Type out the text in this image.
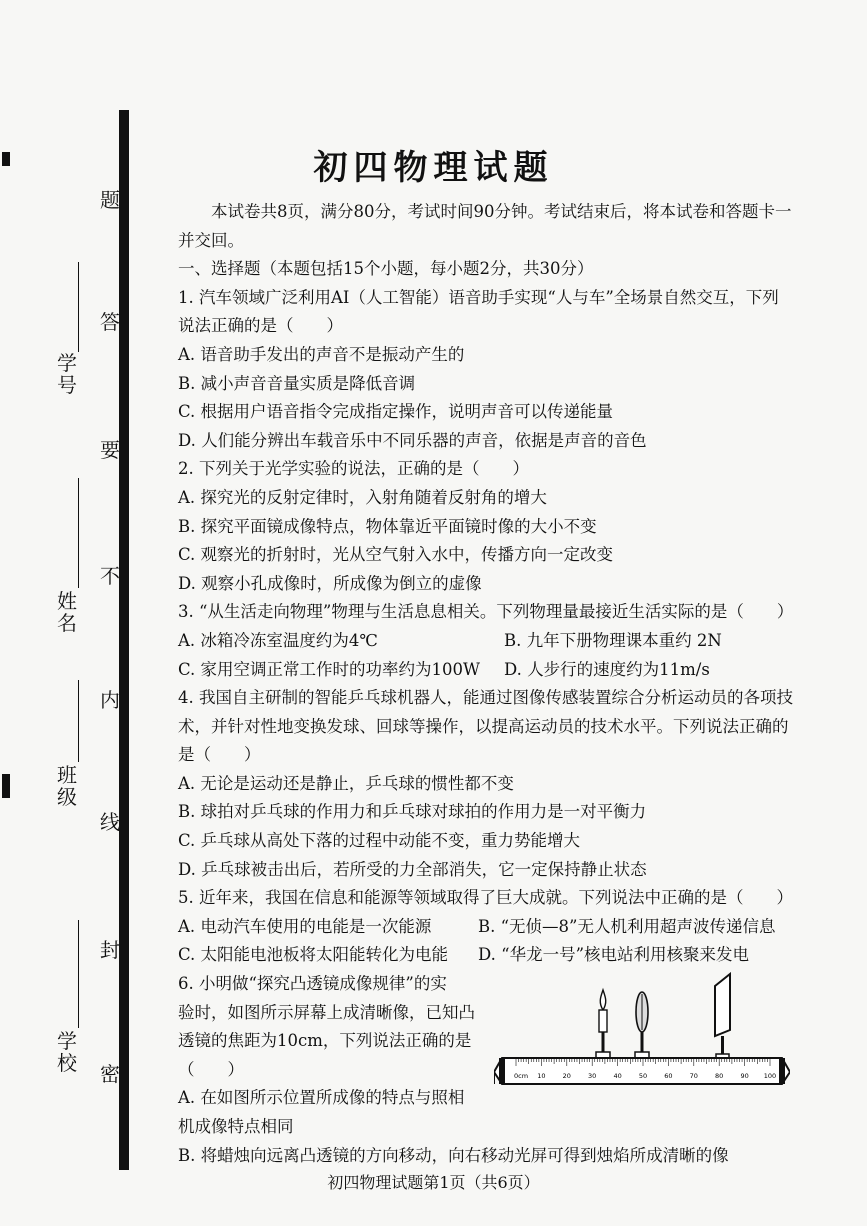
题
答
要
不
内
线
封
密
学号
姓名
班级
学校
初四物理试题

本试卷共8页，满分80分，考试时间90分钟。考试结束后，将本试卷和答题卡一并交回。

一、选择题（本题包括15个小题，每小题2分，共30分）

1. 汽车领域广泛利用AI（人工智能）语音助手实现“人与车”全场景自然交互，下列

说法正确的是（　　）

A. 语音助手发出的声音不是振动产生的

B. 减小声音音量实质是降低音调

C. 根据用户语音指令完成指定操作，说明声音可以传递能量

D. 人们能分辨出车载音乐中不同乐器的声音，依据是声音的音色

2. 下列关于光学实验的说法，正确的是（　　）

A. 探究光的反射定律时，入射角随着反射角的增大

B. 探究平面镜成像特点，物体靠近平面镜时像的大小不变

C. 观察光的折射时，光从空气射入水中，传播方向一定改变

D. 观察小孔成像时，所成像为倒立的虚像

3. “从生活走向物理”物理与生活息息相关。下列物理量最接近生活实际的是（　　）

A. 冰箱冷冻室温度约为4℃	B. 九年下册物理课本重约 2N
C. 家用空调正常工作时的功率约为100W	D. 人步行的速度约为11m/s

4. 我国自主研制的智能乒乓球机器人，能通过图像传感装置综合分析运动员的各项技

术，并针对性地变换发球、回球等操作，以提高运动员的技术水平。下列说法正确的

是（　　）

A. 无论是运动还是静止，乒乓球的惯性都不变

B. 球拍对乒乓球的作用力和乒乓球对球拍的作用力是一对平衡力

C. 乒乓球从高处下落的过程中动能不变，重力势能增大

D. 乒乓球被击出后，若所受的力全部消失，它一定保持静止状态

5. 近年来，我国在信息和能源等领域取得了巨大成就。下列说法中正确的是（　　）

A. 电动汽车使用的电能是一次能源	B. “无侦—8”无人机利用超声波传递信息
C. 太阳能电池板将太阳能转化为电能	D. “华龙一号”核电站利用核聚来发电

6. 小明做“探究凸透镜成像规律”的实

验时，如图所示屏幕上成清晰像，已知凸

透镜的焦距为10cm，下列说法正确的是

（　　）

A. 在如图所示位置所成像的特点与照相

0cm 10	20	30	40	50	60	70	80	90 100

机成像特点相同

B. 将蜡烛向远离凸透镜的方向移动，向右移动光屏可得到烛焰所成清晰的像

初四物理试题第1页（共6页）
